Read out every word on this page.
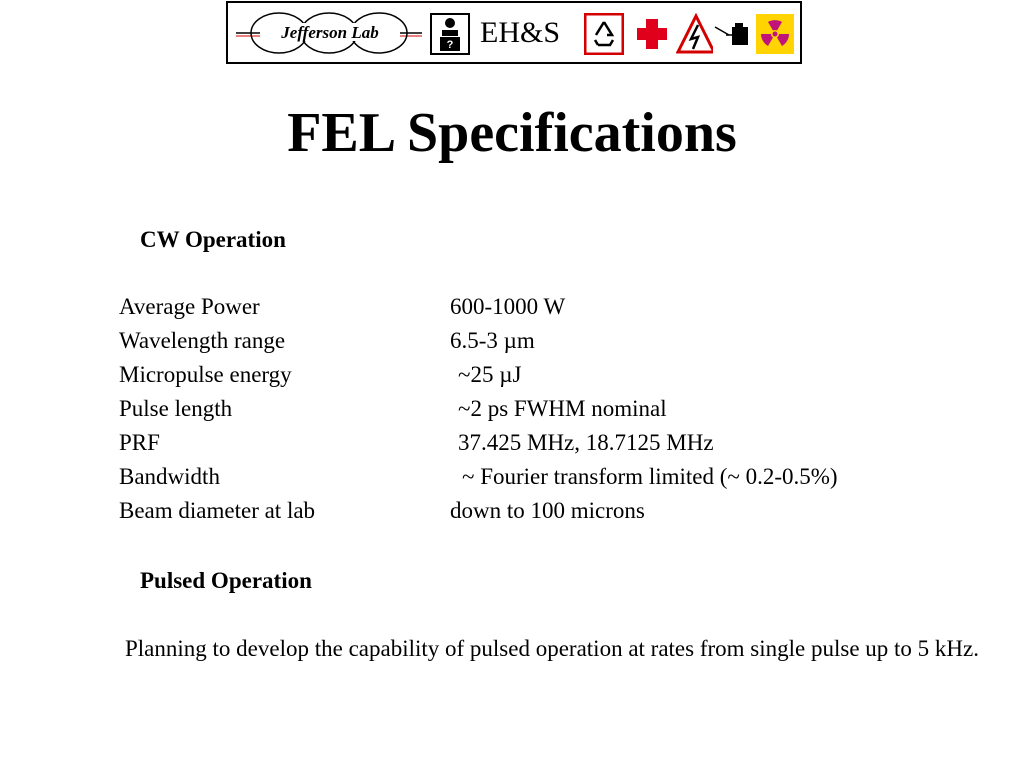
Jefferson Lab
? EH&S
FEL Specifications
CW Operation
Average Power	600-1000 W
Wavelength range	6.5-3 µm
Micropulse energy	~25 µJ
Pulse length	~2 ps FWHM nominal
PRF	37.425 MHz, 18.7125 MHz
Bandwidth	~ Fourier transform limited (~ 0.2-0.5%)
Beam diameter at lab	down to 100 microns
Pulsed Operation
Planning to develop the capability of pulsed operation at rates from single pulse up to 5 kHz.
